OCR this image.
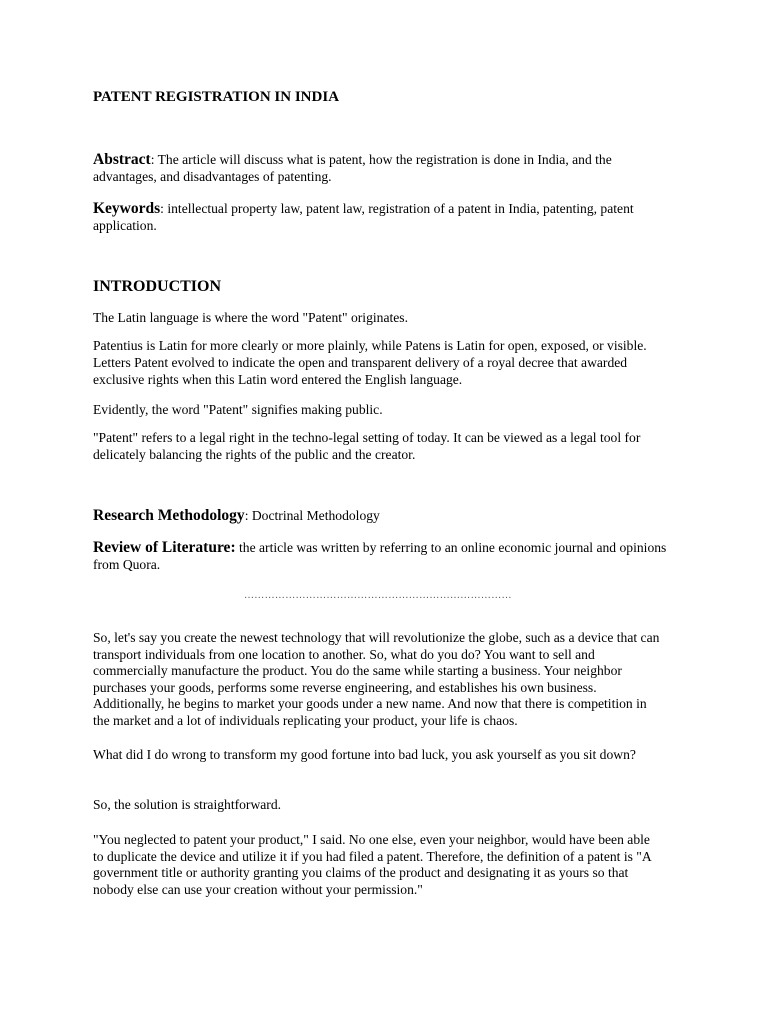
PATENT REGISTRATION IN INDIA

Abstract: The article will discuss what is patent, how the registration is done in India, and the advantages, and disadvantages of patenting.

Keywords: intellectual property law, patent law, registration of a patent in India, patenting, patent application.

INTRODUCTION

The Latin language is where the word "Patent" originates.

Patentius is Latin for more clearly or more plainly, while Patens is Latin for open, exposed, or visible. Letters Patent evolved to indicate the open and transparent delivery of a royal decree that awarded exclusive rights when this Latin word entered the English language.

Evidently, the word "Patent" signifies making public.

"Patent" refers to a legal right in the techno-legal setting of today. It can be viewed as a legal tool for delicately balancing the rights of the public and the creator.

Research Methodology: Doctrinal Methodology

Review of Literature: the article was written by referring to an online economic journal and opinions from Quora.

……………………………………………………………………

So, let's say you create the newest technology that will revolutionize the globe, such as a device that can transport individuals from one location to another. So, what do you do? You want to sell and commercially manufacture the product. You do the same while starting a business. Your neighbor purchases your goods, performs some reverse engineering, and establishes his own business. Additionally, he begins to market your goods under a new name. And now that there is competition in the market and a lot of individuals replicating your product, your life is chaos.

What did I do wrong to transform my good fortune into bad luck, you ask yourself as you sit down?

So, the solution is straightforward.

"You neglected to patent your product," I said. No one else, even your neighbor, would have been able to duplicate the device and utilize it if you had filed a patent. Therefore, the definition of a patent is "A government title or authority granting you claims of the product and designating it as yours so that nobody else can use your creation without your permission."
